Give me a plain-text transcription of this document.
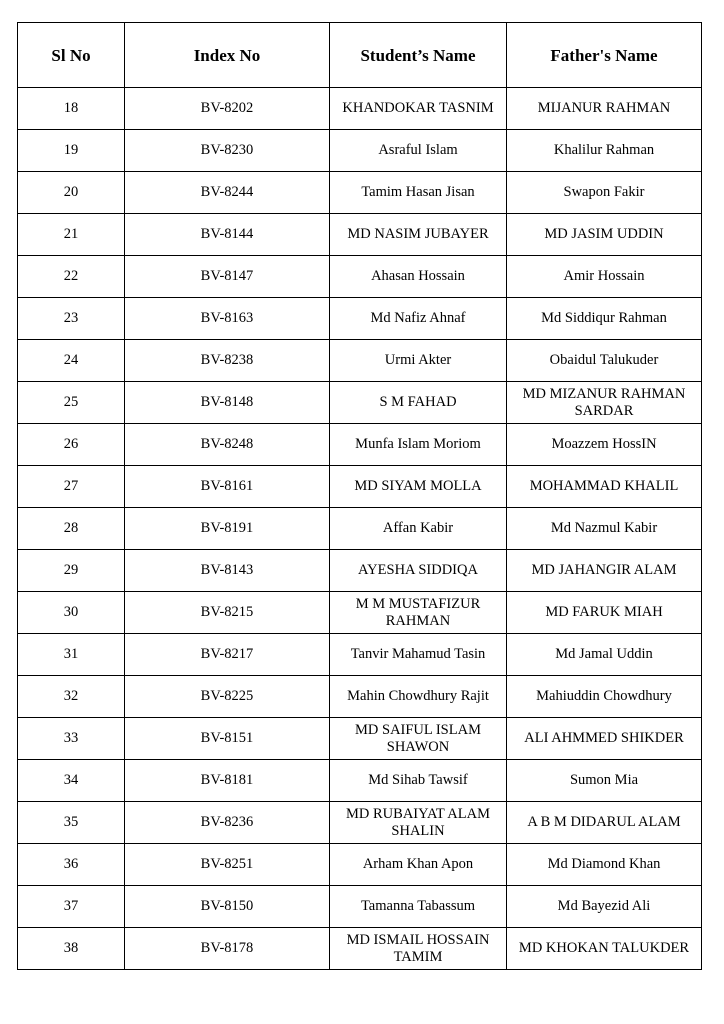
Sl No	Index No	Student’s Name	Father's Name
18	BV-8202	KHANDOKAR TASNIM	MIJANUR RAHMAN
19	BV-8230	Asraful Islam	Khalilur Rahman
20	BV-8244	Tamim Hasan Jisan	Swapon Fakir
21	BV-8144	MD NASIM JUBAYER	MD JASIM UDDIN
22	BV-8147	Ahasan Hossain	Amir Hossain
23	BV-8163	Md Nafiz Ahnaf	Md Siddiqur Rahman
24	BV-8238	Urmi Akter	Obaidul Talukuder
25	BV-8148	S M FAHAD	MD MIZANUR RAHMAN SARDAR
26	BV-8248	Munfa Islam Moriom	Moazzem HossIN
27	BV-8161	MD SIYAM MOLLA	MOHAMMAD KHALIL
28	BV-8191	Affan Kabir	Md Nazmul Kabir
29	BV-8143	AYESHA SIDDIQA	MD JAHANGIR ALAM
30	BV-8215	M M MUSTAFIZUR RAHMAN	MD FARUK MIAH
31	BV-8217	Tanvir Mahamud Tasin	Md Jamal Uddin
32	BV-8225	Mahin Chowdhury Rajit	Mahiuddin Chowdhury
33	BV-8151	MD SAIFUL ISLAM SHAWON	ALI AHMMED SHIKDER
34	BV-8181	Md Sihab Tawsif	Sumon Mia
35	BV-8236	MD RUBAIYAT ALAM SHALIN	A B M DIDARUL ALAM
36	BV-8251	Arham Khan Apon	Md Diamond Khan
37	BV-8150	Tamanna Tabassum	Md Bayezid Ali
38	BV-8178	MD ISMAIL HOSSAIN TAMIM	MD KHOKAN TALUKDER
